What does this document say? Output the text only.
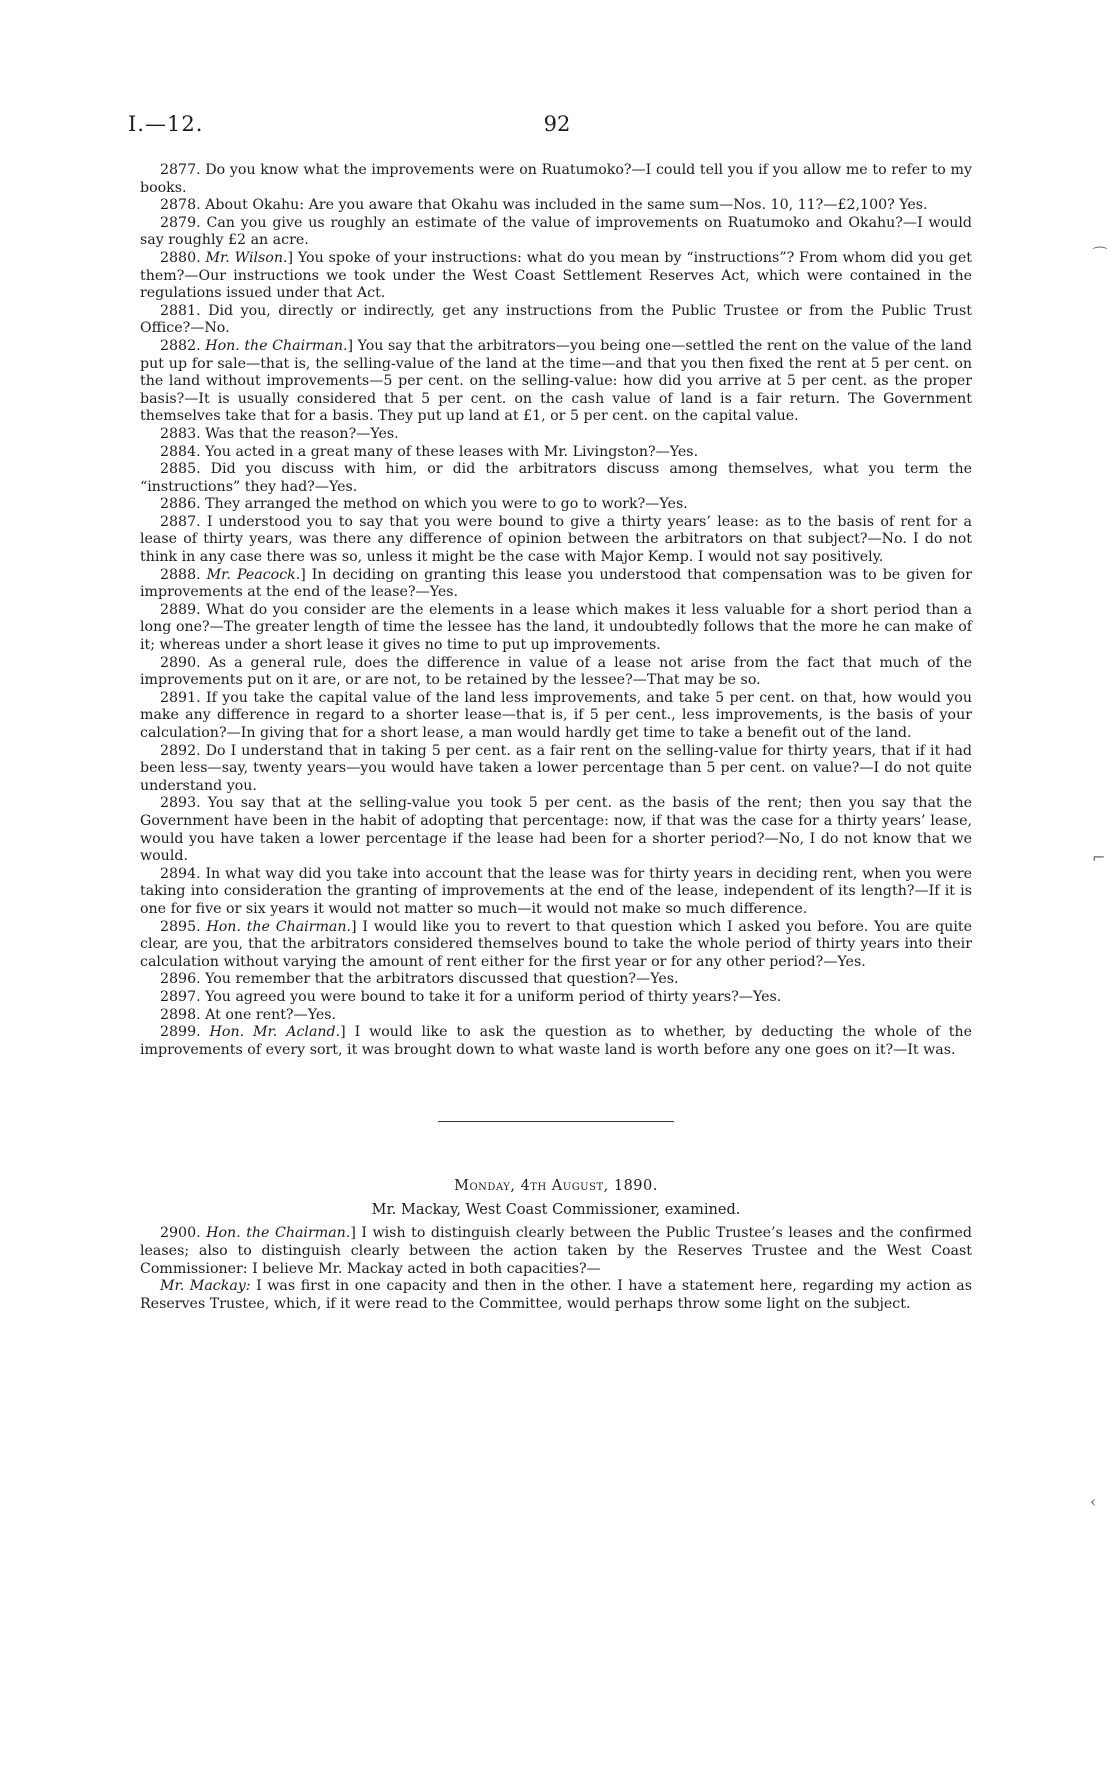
I.—12.	92

2877. Do you know what the improvements were on Ruatumoko?—I could tell you if you allow me to refer to my books.

2878. About Okahu: Are you aware that Okahu was included in the same sum—Nos. 10, 11?—£2,100? Yes.

2879. Can you give us roughly an estimate of the value of improvements on Ruatumoko and Okahu?—I would say roughly £2 an acre.

2880. Mr. Wilson.] You spoke of your instructions: what do you mean by “instructions”? From whom did you get them?—Our instructions we took under the West Coast Settlement Reserves Act, which were contained in the regulations issued under that Act.

2881. Did you, directly or indirectly, get any instructions from the Public Trustee or from the Public Trust Office?—No.

2882. Hon. the Chairman.] You say that the arbitrators—you being one—settled the rent on the value of the land put up for sale—that is, the selling-value of the land at the time—and that you then fixed the rent at 5 per cent. on the land without improvements—5 per cent. on the selling-value: how did you arrive at 5 per cent. as the proper basis?—It is usually considered that 5 per cent. on the cash value of land is a fair return. The Government themselves take that for a basis. They put up land at £1, or 5 per cent. on the capital value.

2883. Was that the reason?—Yes.

2884. You acted in a great many of these leases with Mr. Livingston?—Yes.

2885. Did you discuss with him, or did the arbitrators discuss among themselves, what you term the “instructions” they had?—Yes.

2886. They arranged the method on which you were to go to work?—Yes.

2887. I understood you to say that you were bound to give a thirty years’ lease: as to the basis of rent for a lease of thirty years, was there any difference of opinion between the arbitrators on that subject?—No. I do not think in any case there was so, unless it might be the case with Major Kemp. I would not say positively.

2888. Mr. Peacock.] In deciding on granting this lease you understood that compensation was to be given for improvements at the end of the lease?—Yes.

2889. What do you consider are the elements in a lease which makes it less valuable for a short period than a long one?—The greater length of time the lessee has the land, it undoubtedly follows that the more he can make of it; whereas under a short lease it gives no time to put up improvements.

2890. As a general rule, does the difference in value of a lease not arise from the fact that much of the improvements put on it are, or are not, to be retained by the lessee?—That may be so.

2891. If you take the capital value of the land less improvements, and take 5 per cent. on that, how would you make any difference in regard to a shorter lease—that is, if 5 per cent., less improvements, is the basis of your calculation?—In giving that for a short lease, a man would hardly get time to take a benefit out of the land.

2892. Do I understand that in taking 5 per cent. as a fair rent on the selling-value for thirty years, that if it had been less—say, twenty years—you would have taken a lower percentage than 5 per cent. on value?—I do not quite understand you.

2893. You say that at the selling-value you took 5 per cent. as the basis of the rent; then you say that the Government have been in the habit of adopting that percentage: now, if that was the case for a thirty years’ lease, would you have taken a lower percentage if the lease had been for a shorter period?—No, I do not know that we would.

2894. In what way did you take into account that the lease was for thirty years in deciding rent, when you were taking into consideration the granting of improvements at the end of the lease, independent of its length?—If it is one for five or six years it would not matter so much—it would not make so much difference.

2895. Hon. the Chairman.] I would like you to revert to that question which I asked you before. You are quite clear, are you, that the arbitrators considered themselves bound to take the whole period of thirty years into their calculation without varying the amount of rent either for the first year or for any other period?—Yes.

2896. You remember that the arbitrators discussed that question?—Yes.

2897. You agreed you were bound to take it for a uniform period of thirty years?—Yes.

2898. At one rent?—Yes.

2899. Hon. Mr. Acland.] I would like to ask the question as to whether, by deducting the whole of the improvements of every sort, it was brought down to what waste land is worth before any one goes on it?—It was.

Monday, 4th August, 1890.
Mr. Mackay, West Coast Commissioner, examined.

2900. Hon. the Chairman.] I wish to distinguish clearly between the Public Trustee’s leases and the confirmed leases; also to distinguish clearly between the action taken by the Reserves Trustee and the West Coast Commissioner: I believe Mr. Mackay acted in both capacities?—

Mr. Mackay: I was first in one capacity and then in the other. I have a statement here, regarding my action as Reserves Trustee, which, if it were read to the Committee, would perhaps throw some light on the subject.

⌒
⌐
‹
